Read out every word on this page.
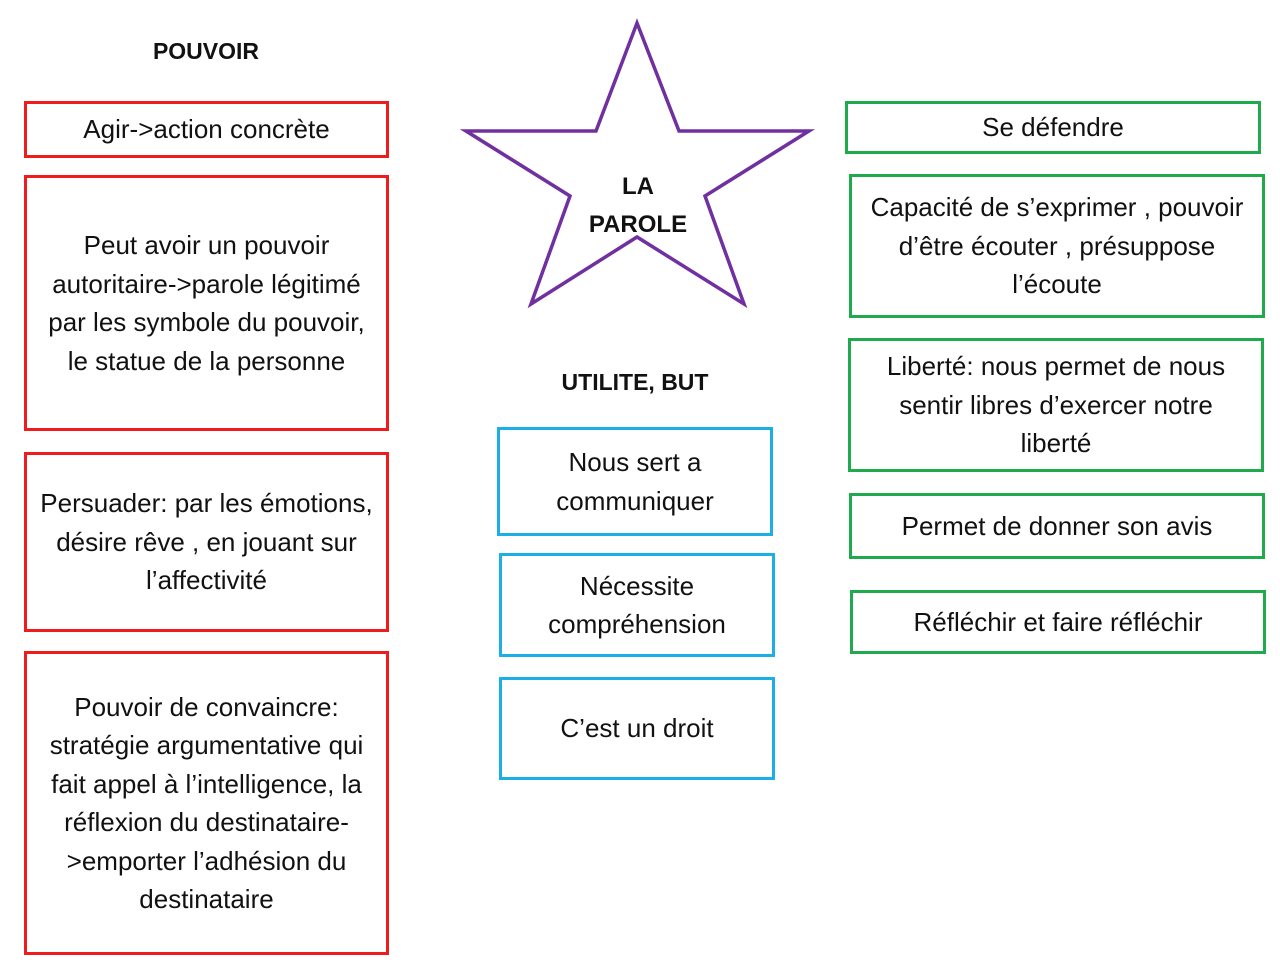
POUVOIR
Agir->action concrète
Peut avoir un pouvoir autoritaire->parole légitimé par les symbole du pouvoir, le statue de la personne
Persuader: par les émotions, désire rêve , en jouant sur l’affectivité
Pouvoir de convaincre: stratégie argumentative qui fait appel à l’intelligence, la réflexion du destinataire->emporter l’adhésion du destinataire
LA
PAROLE
UTILITE, BUT
Nous sert a communiquer
Nécessite compréhension
C’est un droit
Se défendre
Capacité de s’exprimer , pouvoir d’être écouter , présuppose l’écoute
Liberté: nous permet de nous sentir libres d’exercer notre liberté
Permet de donner son avis
Réfléchir et faire réfléchir
